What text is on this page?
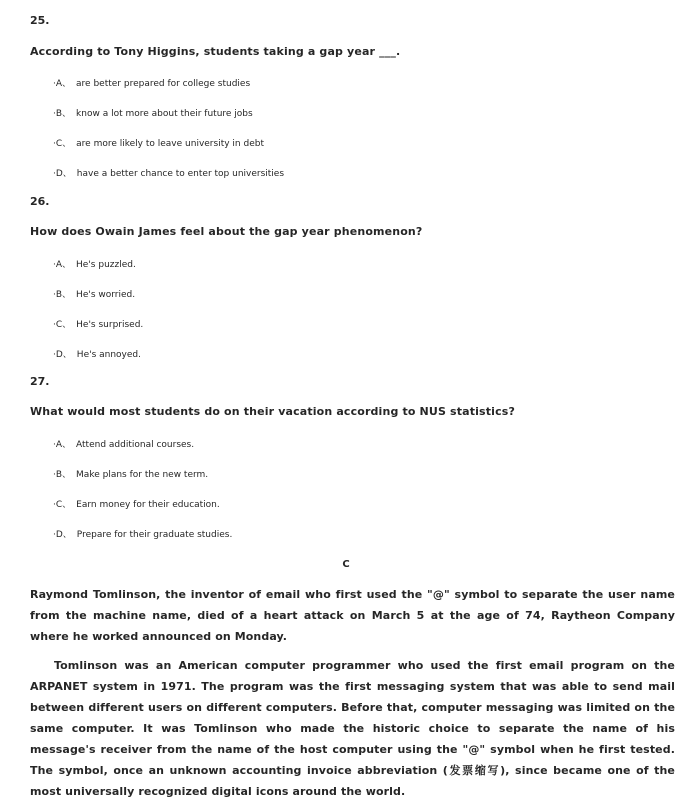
25.
According to Tony Higgins, students taking a gap year ___.
·A、 are better prepared for college studies
·B、 know a lot more about their future jobs
·C、 are more likely to leave university in debt
·D、 have a better chance to enter top universities
26.
How does Owain James feel about the gap year phenomenon?
·A、 He's puzzled.
·B、 He's worried.
·C、 He's surprised.
·D、 He's annoyed.
27.
What would most students do on their vacation according to NUS statistics?
·A、 Attend additional courses.
·B、 Make plans for the new term.
·C、 Earn money for their education.
·D、 Prepare for their graduate studies.
C
Raymond Tomlinson, the inventor of email who first used the "@" symbol to separate the user name from the machine name, died of a heart attack on March 5 at the age of 74, Raytheon Company where he worked announced on Monday.
Tomlinson was an American computer programmer who used the first email program on the ARPANET system in 1971. The program was the first messaging system that was able to send mail between different users on different computers. Before that, computer messaging was limited on the same computer. It was Tomlinson who made the historic choice to separate the name of his message's receiver from the name of the host computer using the "@" symbol when he first tested. The symbol, once an unknown accounting invoice abbreviation (发票缩写), since became one of the most universally recognized digital icons around the world.
